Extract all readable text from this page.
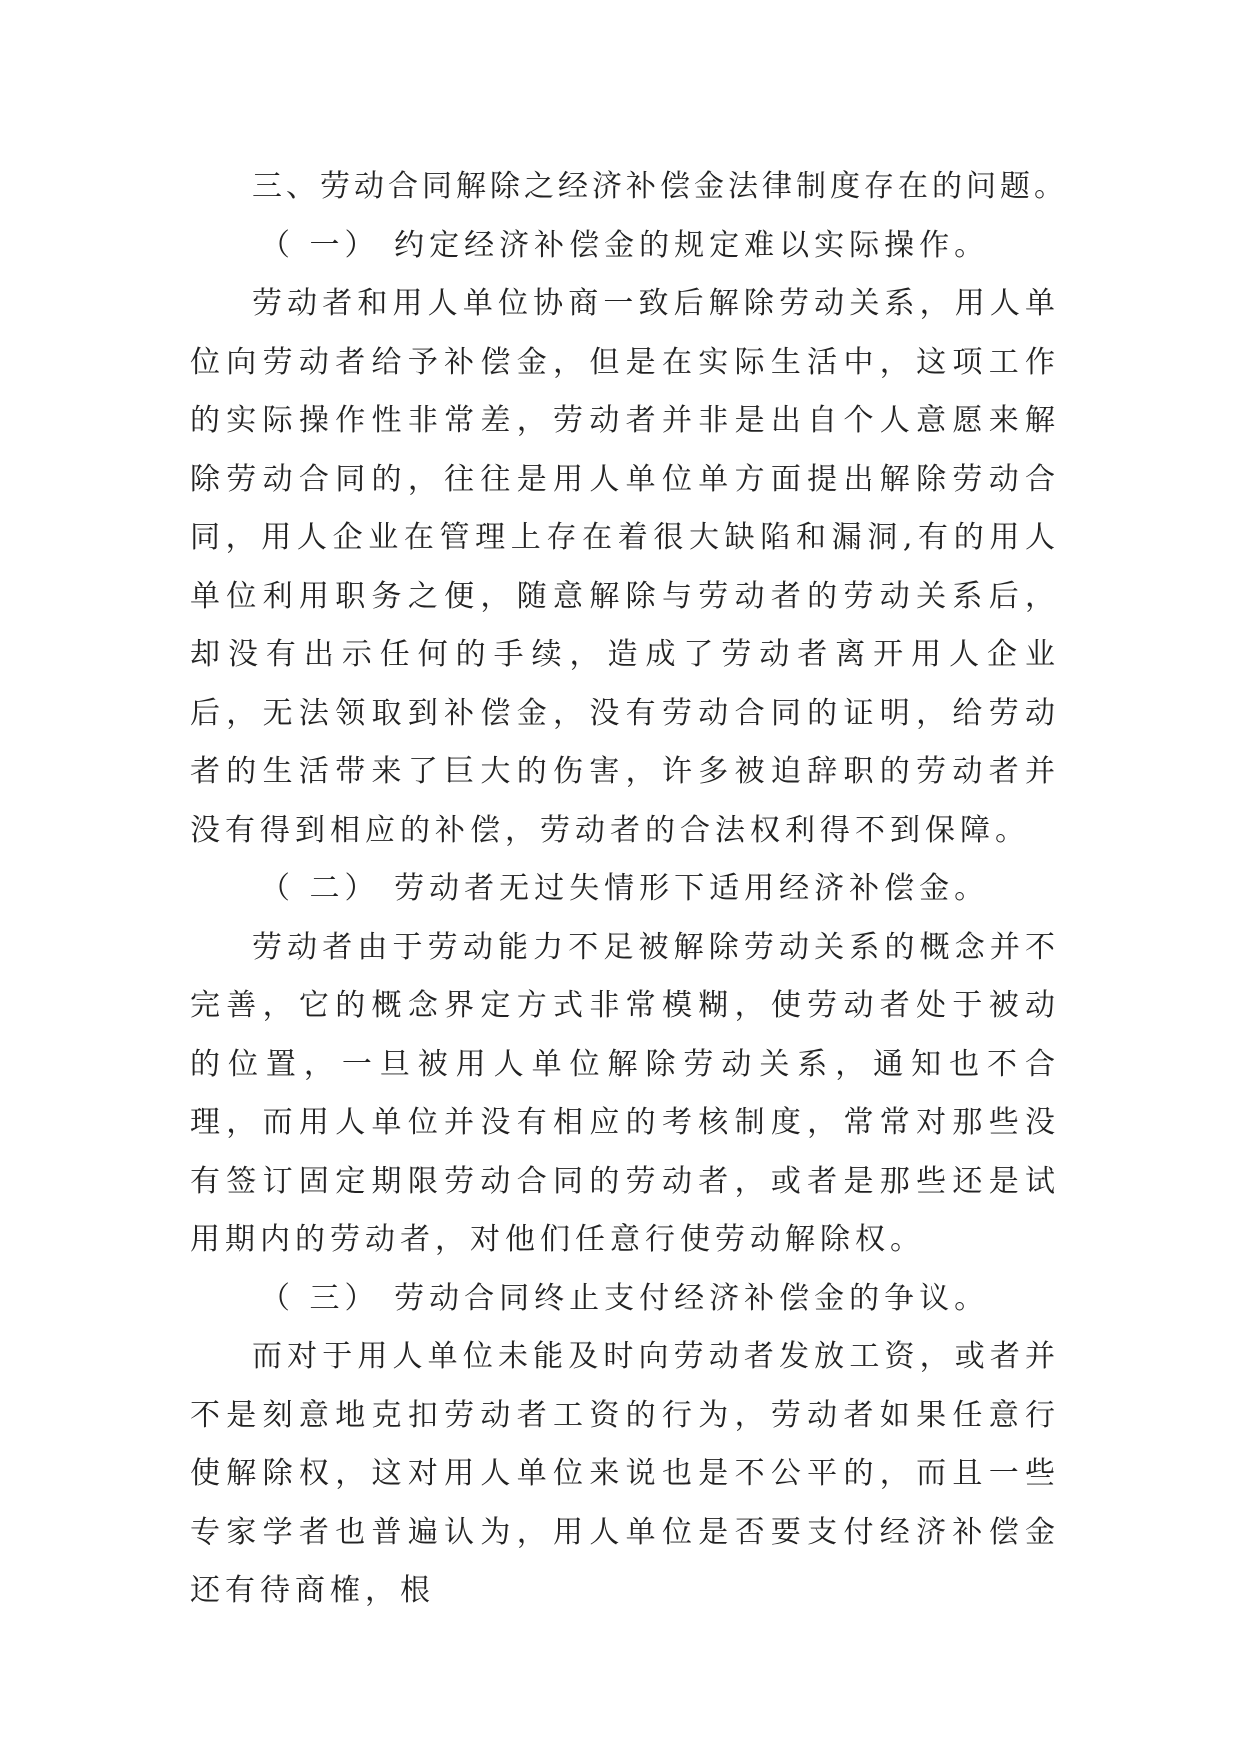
三、劳动合同解除之经济补偿金法律制度存在的问题。

（ 一） 约定经济补偿金的规定难以实际操作。

劳动者和用人单位协商一致后解除劳动关系，用人单位向劳动者给予补偿金，但是在实际生活中，这项工作的实际操作性非常差，劳动者并非是出自个人意愿来解除劳动合同的，往往是用人单位单方面提出解除劳动合同，用人企业在管理上存在着很大缺陷和漏洞,有的用人单位利用职务之便，随意解除与劳动者的劳动关系后，却没有出示任何的手续，造成了劳动者离开用人企业后，无法领取到补偿金，没有劳动合同的证明，给劳动者的生活带来了巨大的伤害，许多被迫辞职的劳动者并没有得到相应的补偿，劳动者的合法权利得不到保障。

（ 二） 劳动者无过失情形下适用经济补偿金。

劳动者由于劳动能力不足被解除劳动关系的概念并不完善，它的概念界定方式非常模糊，使劳动者处于被动的位置，一旦被用人单位解除劳动关系，通知也不合理，而用人单位并没有相应的考核制度，常常对那些没有签订固定期限劳动合同的劳动者，或者是那些还是试用期内的劳动者，对他们任意行使劳动解除权。

（ 三） 劳动合同终止支付经济补偿金的争议。

而对于用人单位未能及时向劳动者发放工资，或者并不是刻意地克扣劳动者工资的行为，劳动者如果任意行使解除权，这对用人单位来说也是不公平的，而且一些专家学者也普遍认为，用人单位是否要支付经济补偿金还有待商榷，根
